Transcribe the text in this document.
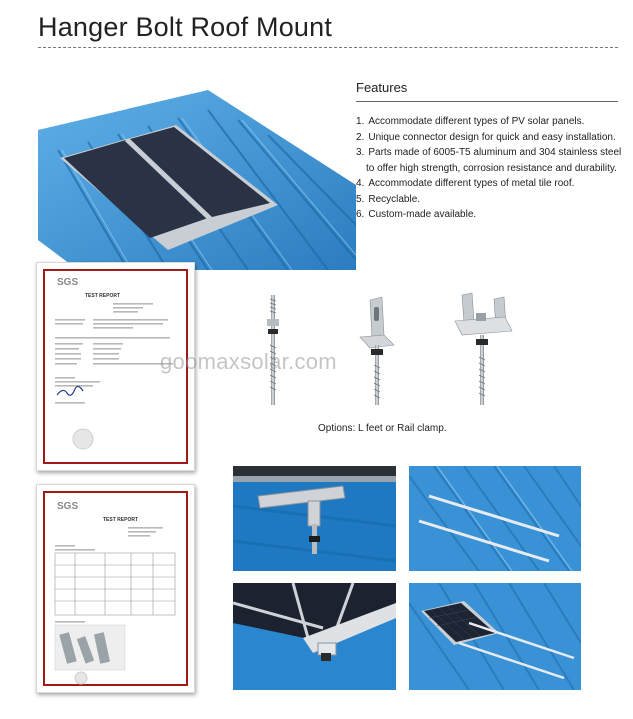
Hanger Bolt Roof Mount
Features
1. Accommodate different types of PV solar panels.
2. Unique connector design for quick and easy installation.
3. Parts made of 6005-T5 aluminum and 304 stainless steel to offer high strength, corrosion resistance and durability.
4. Accommodate different types of metal tile roof.
5. Recyclable.
6. Custom-made available.
SGS
TEST REPORT
SGS
TEST REPORT
goomaxsolar.com
Options: L feet or Rail clamp.
